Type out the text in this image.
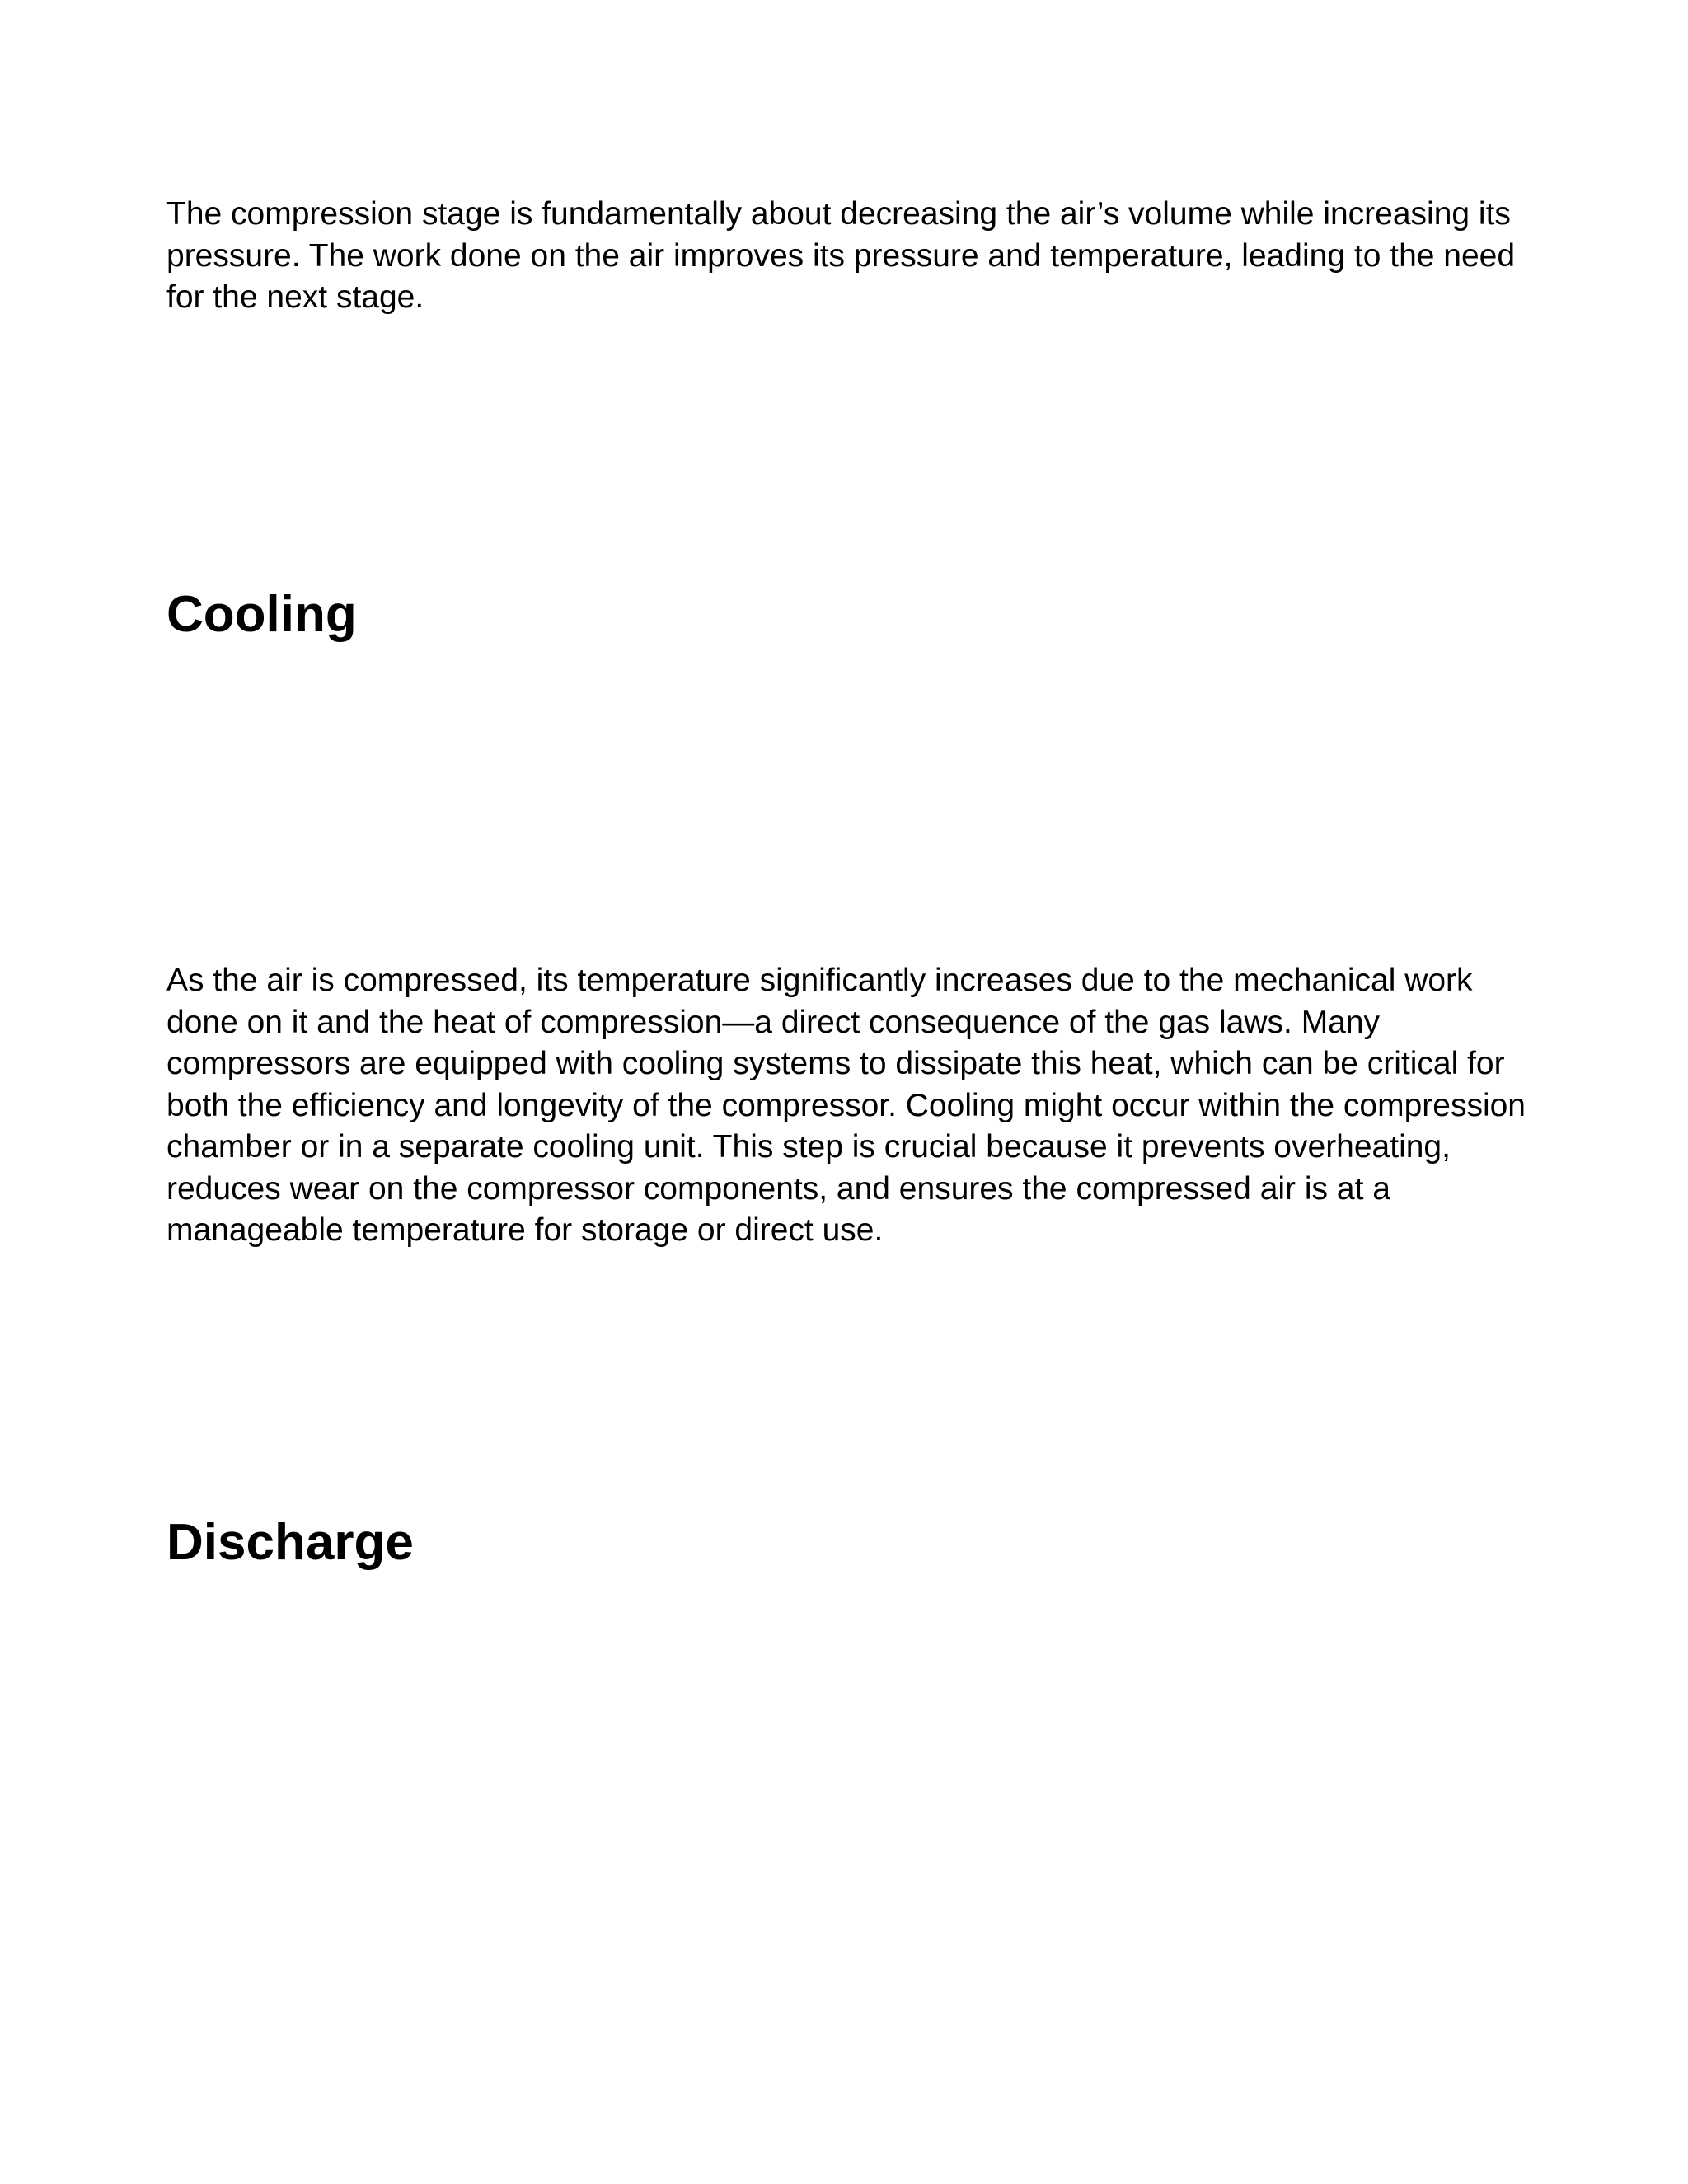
The compression stage is fundamentally about decreasing the air’s volume while increasing its pressure. The work done on the air improves its pressure and temperature, leading to the need for the next stage.

Cooling

As the air is compressed, its temperature significantly increases due to the mechanical work done on it and the heat of compression—a direct consequence of the gas laws. Many compressors are equipped with cooling systems to dissipate this heat, which can be critical for both the efficiency and longevity of the compressor. Cooling might occur within the compression chamber or in a separate cooling unit. This step is crucial because it prevents overheating, reduces wear on the compressor components, and ensures the compressed air is at a manageable temperature for storage or direct use.

Discharge
